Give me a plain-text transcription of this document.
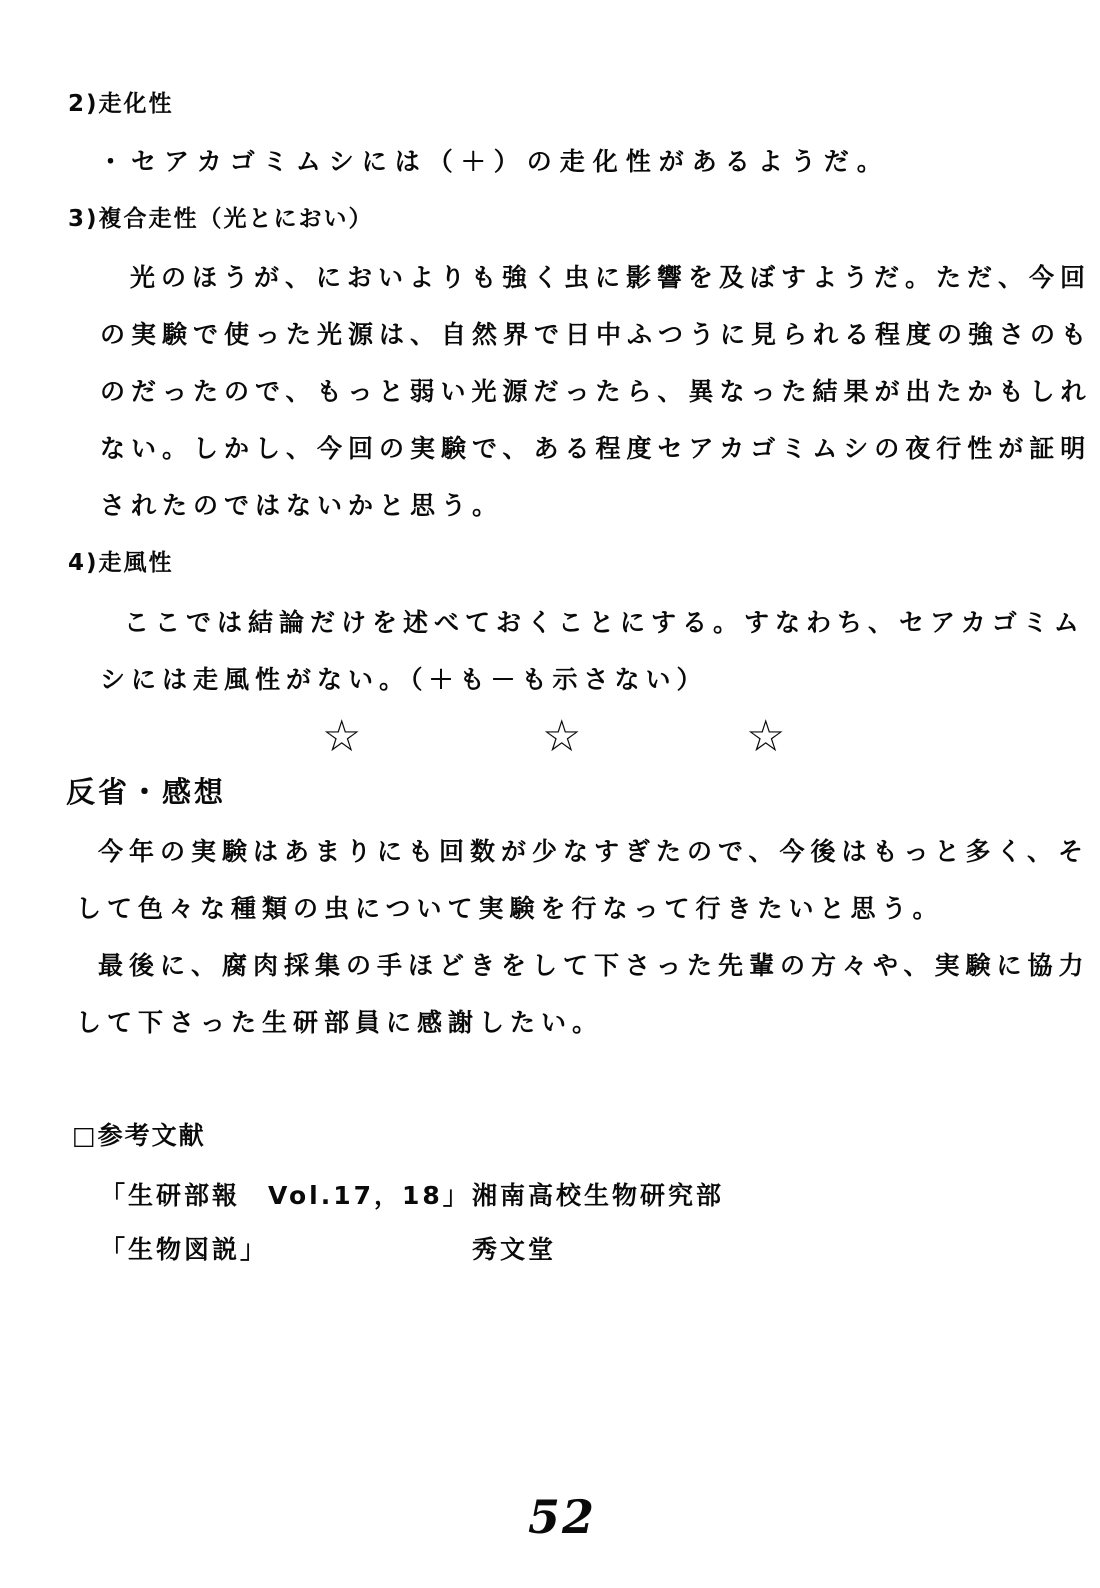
2)走化性
・セアカゴミムシには（＋）の走化性があるようだ。
3)複合走性（光とにおい）
光のほうが、においよりも強く虫に影響を及ぼすようだ。ただ、今回
の実験で使った光源は、自然界で日中ふつうに見られる程度の強さのも
のだったので、もっと弱い光源だったら、異なった結果が出たかもしれ
ない。しかし、今回の実験で、ある程度セアカゴミムシの夜行性が証明
されたのではないかと思う。
4)走風性
ここでは結論だけを述べておくことにする。すなわち、セアカゴミム
シには走風性がない。（＋も－も示さない）
☆	☆	☆
反省・感想
今年の実験はあまりにも回数が少なすぎたので、今後はもっと多く、そ
して色々な種類の虫について実験を行なって行きたいと思う。
最後に、腐肉採集の手ほどきをして下さった先輩の方々や、実験に協力
して下さった生研部員に感謝したい。
□参考文献
「生研部報　Vol.17，18」 湘南高校生物研究部
「生物図説」	秀文堂
52
